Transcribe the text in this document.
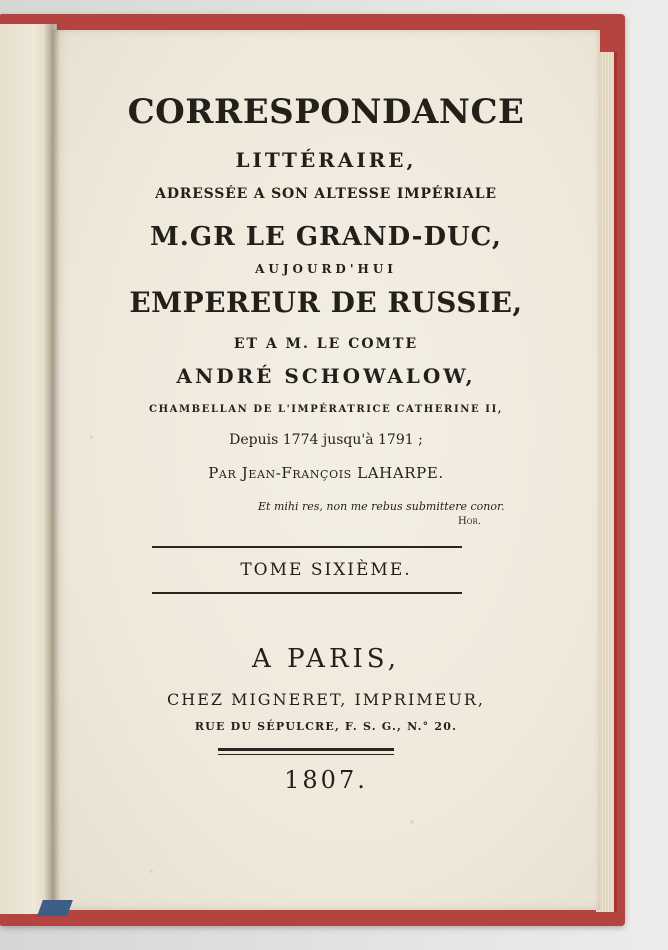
CORRESPONDANCE
LITTÉRAIRE,
ADRESSÉE A SON ALTESSE IMPÉRIALE
M.GR LE GRAND-DUC,
AUJOURD'HUI
EMPEREUR DE RUSSIE,
ET A M. LE COMTE
ANDRÉ SCHOWALOW,
CHAMBELLAN DE L'IMPÉRATRICE CATHERINE II,
Depuis 1774 jusqu'à 1791 ;
Par Jean-François LAHARPE.
Et mihi res, non me rebus submittere conor.
Hor.
TOME SIXIÈME.
A PARIS,
CHEZ MIGNERET, IMPRIMEUR,
RUE DU SÉPULCRE, F. S. G., N.° 20.
1807.
